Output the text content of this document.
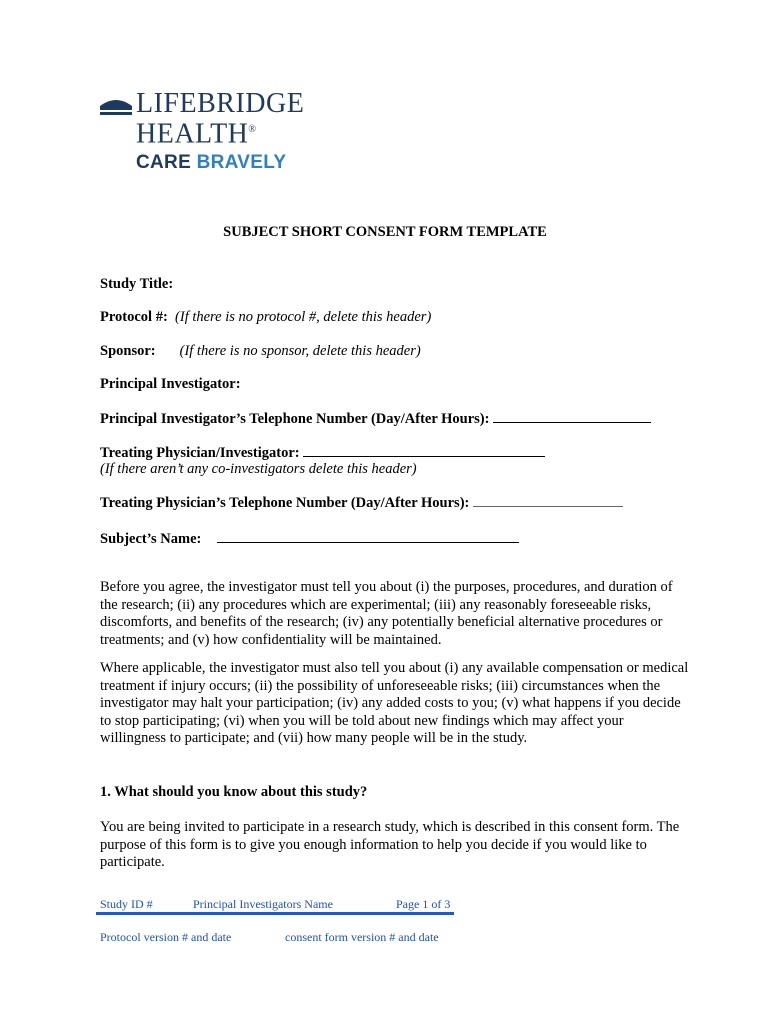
LIFEBRIDGE
HEALTH®
CARE BRAVELY
SUBJECT SHORT CONSENT FORM TEMPLATE
Study Title:
Protocol #: (If there is no protocol #, delete this header)
Sponsor: (If there is no sponsor, delete this header)
Principal Investigator:
Principal Investigator’s Telephone Number (Day/After Hours):
Treating Physician/Investigator:
(If there aren’t any co-investigators delete this header)
Treating Physician’s Telephone Number (Day/After Hours):
Subject’s Name:
Before you agree, the investigator must tell you about (i) the purposes, procedures, and duration of the research; (ii) any procedures which are experimental; (iii) any reasonably foreseeable risks, discomforts, and benefits of the research; (iv) any potentially beneficial alternative procedures or treatments; and (v) how confidentiality will be maintained.
Where applicable, the investigator must also tell you about (i) any available compensation or medical treatment if injury occurs; (ii) the possibility of unforeseeable risks; (iii) circumstances when the investigator may halt your participation; (iv) any added costs to you; (v) what happens if you decide to stop participating; (vi) when you will be told about new findings which may affect your willingness to participate; and (vii) how many people will be in the study.
1. What should you know about this study?
You are being invited to participate in a research study, which is described in this consent form. The purpose of this form is to give you enough information to help you decide if you would like to participate.
Study ID #	Principal Investigators Name	Page 1 of 3
Protocol version # and date	consent form version # and date
